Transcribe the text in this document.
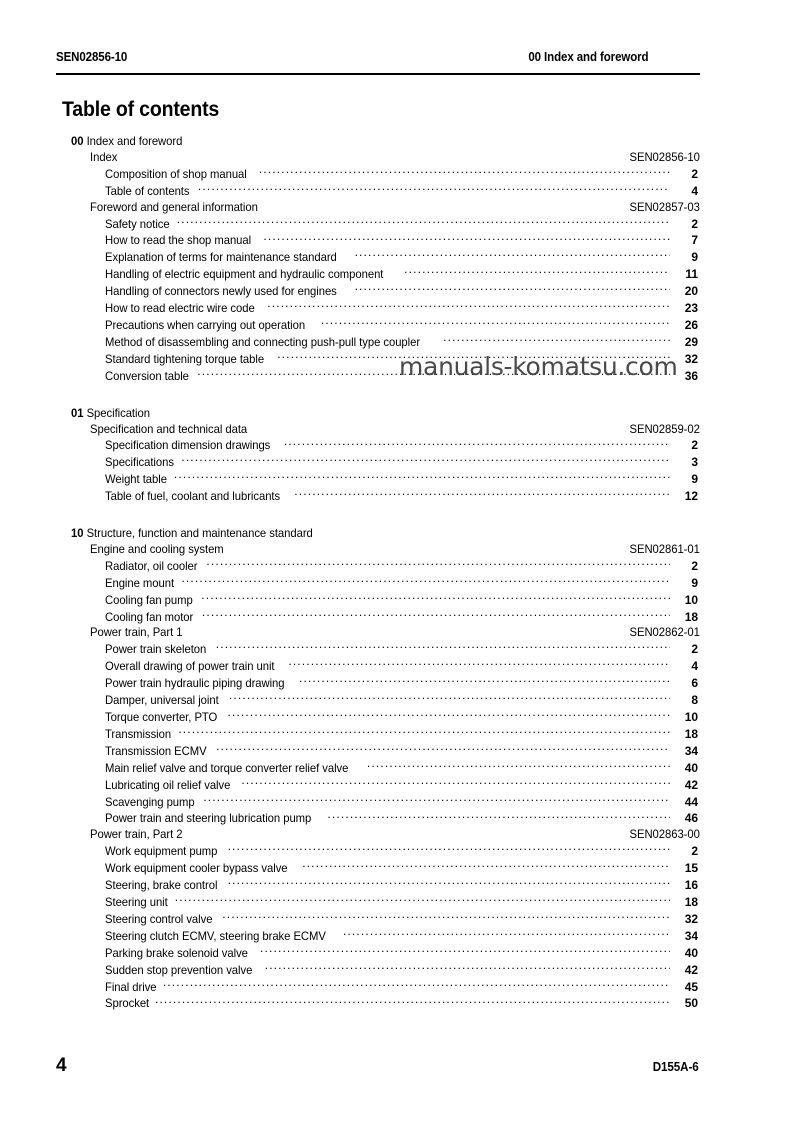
SEN02856-10	00 Index and foreword
Table of contents
00 Index and foreword
Index	SEN02856-10
Composition of shop manual .....	2
Table of contents .....	4
Foreword and general information	SEN02857-03
Safety notice .....	2
How to read the shop manual .....	7
Explanation of terms for maintenance standard .....	9
Handling of electric equipment and hydraulic component .....	11
Handling of connectors newly used for engines .....	20
How to read electric wire code .....	23
Precautions when carrying out operation .....	26
Method of disassembling and connecting push-pull type coupler .....	29
Standard tightening torque table .....	32
Conversion table .....	36
01 Specification
Specification and technical data	SEN02859-02
Specification dimension drawings .....	2
Specifications .....	3
Weight table .....	9
Table of fuel, coolant and lubricants .....	12
10 Structure, function and maintenance standard
Engine and cooling system	SEN02861-01
Radiator, oil cooler .....	2
Engine mount .....	9
Cooling fan pump .....	10
Cooling fan motor .....	18
Power train, Part 1	SEN02862-01
Power train skeleton .....	2
Overall drawing of power train unit .....	4
Power train hydraulic piping drawing .....	6
Damper, universal joint .....	8
Torque converter, PTO .....	10
Transmission .....	18
Transmission ECMV .....	34
Main relief valve and torque converter relief valve .....	40
Lubricating oil relief valve .....	42
Scavenging pump .....	44
Power train and steering lubrication pump .....	46
Power train, Part 2	SEN02863-00
Work equipment pump .....	2
Work equipment cooler bypass valve .....	15
Steering, brake control .....	16
Steering unit .....	18
Steering control valve .....	32
Steering clutch ECMV, steering brake ECMV .....	34
Parking brake solenoid valve .....	40
Sudden stop prevention valve .....	42
Final drive .....	45
Sprocket .....	50
manuals-komatsu.com
4	D155A-6
